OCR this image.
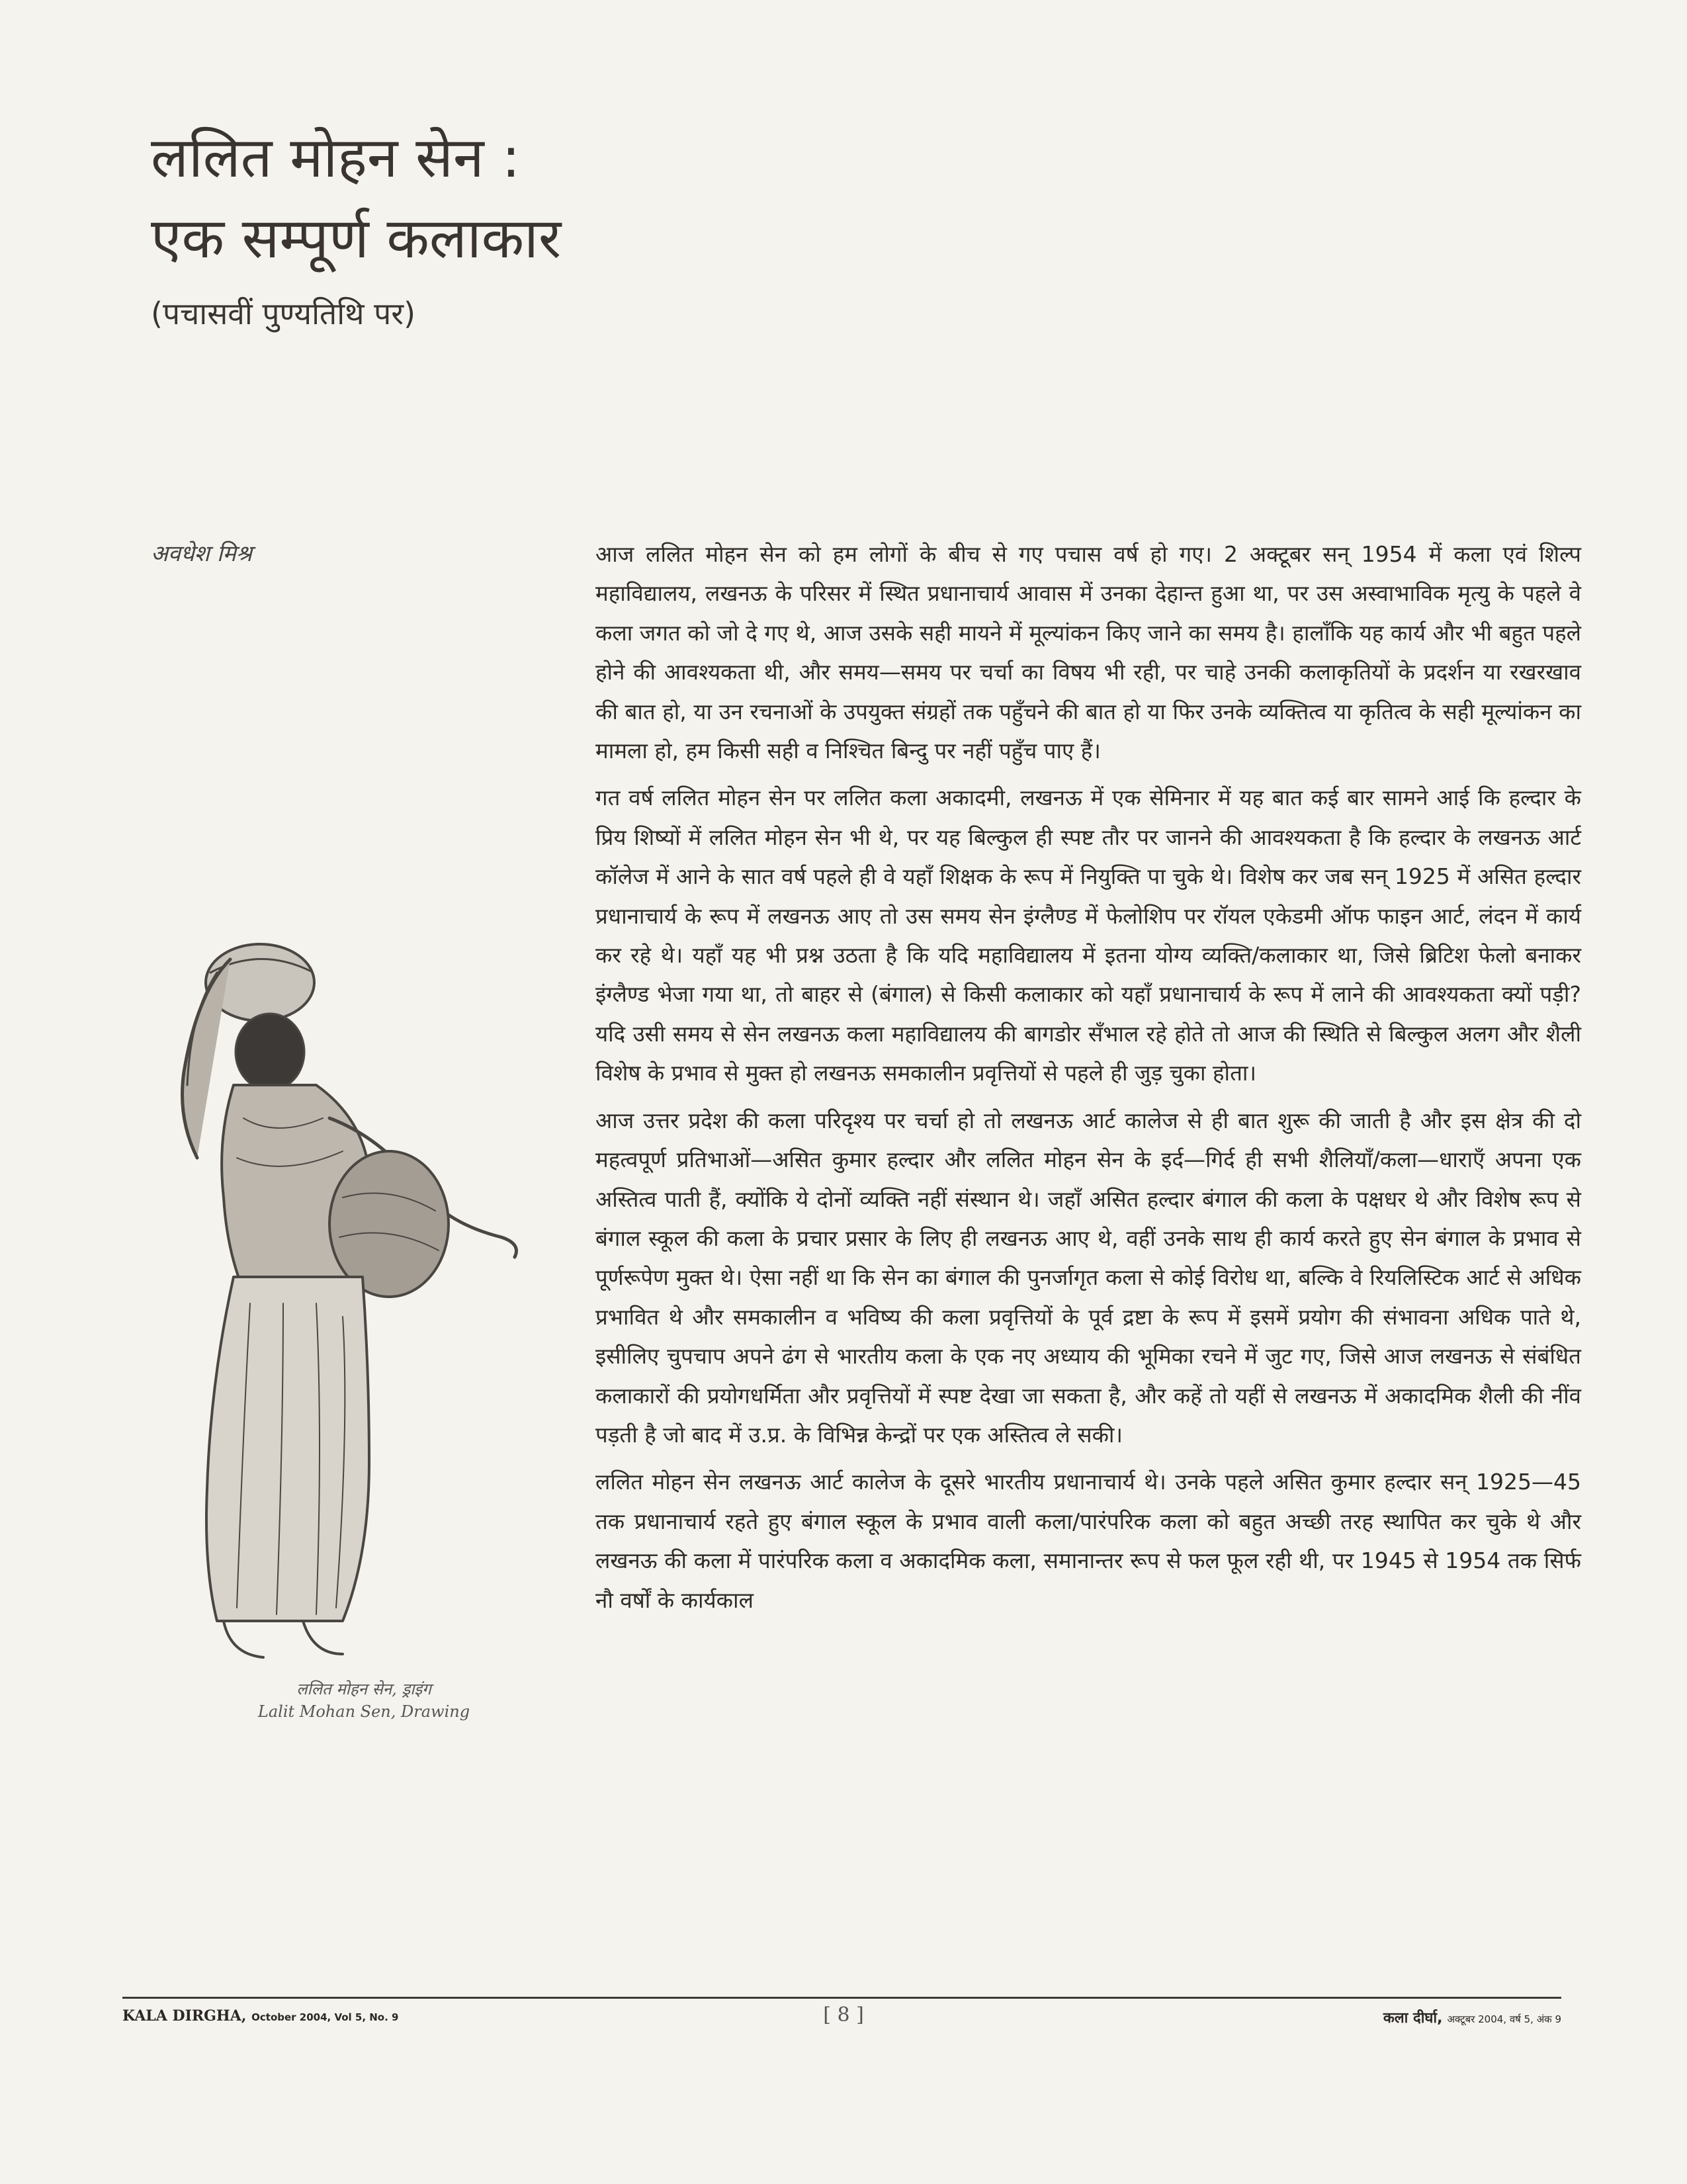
ललित मोहन सेन :
एक सम्पूर्ण कलाकार
(पचासवीं पुण्यतिथि पर)
अवधेश मिश्र	आज ललित मोहन सेन को हम लोगों के बीच से गए पचास वर्ष हो गए। 2 अक्टूबर सन् 1954 में कला एवं शिल्प महाविद्यालय, लखनऊ के परिसर में स्थित प्रधानाचार्य आवास में उनका देहान्त हुआ था, पर उस अस्वाभाविक मृत्यु के पहले वे कला जगत को जो दे गए थे, आज उसके सही मायने में मूल्यांकन किए जाने का समय है। हालाँकि यह कार्य और भी बहुत पहले होने की आवश्यकता थी, और समय—समय पर चर्चा का विषय भी रही, पर चाहे उनकी कलाकृतियों के प्रदर्शन या रखरखाव की बात हो, या उन रचनाओं के उपयुक्त संग्रहों तक पहुँचने की बात हो या फिर उनके व्यक्तित्व या कृतित्व के सही मूल्यांकन का मामला हो, हम किसी सही व निश्चित बिन्दु पर नहीं पहुँच पाए हैं।

गत वर्ष ललित मोहन सेन पर ललित कला अकादमी, लखनऊ में एक सेमिनार में यह बात कई बार सामने आई कि हल्दार के प्रिय शिष्यों में ललित मोहन सेन भी थे, पर यह बिल्कुल ही स्पष्ट तौर पर जानने की आवश्यकता है कि हल्दार के लखनऊ आर्ट कॉलेज में आने के सात वर्ष पहले ही वे यहाँ शिक्षक के रूप में नियुक्ति पा चुके थे। विशेष कर जब सन् 1925 में असित हल्दार प्रधानाचार्य के रूप में लखनऊ आए तो उस समय सेन इंग्लैण्ड में फेलोशिप पर रॉयल एकेडमी ऑफ फाइन आर्ट, लंदन में कार्य कर रहे थे। यहाँ यह भी प्रश्न उठता है कि यदि महाविद्यालय में इतना योग्य व्यक्ति/कलाकार था, जिसे ब्रिटिश फेलो बनाकर इंग्लैण्ड भेजा गया था, तो बाहर से (बंगाल) से किसी कलाकार को यहाँ प्रधानाचार्य के रूप में लाने की आवश्यकता क्यों पड़ी? यदि उसी समय से सेन लखनऊ कला महाविद्यालय की बागडोर सँभाल रहे होते तो आज की स्थिति से बिल्कुल अलग और शैली विशेष के प्रभाव से मुक्त हो लखनऊ समकालीन प्रवृत्तियों से पहले ही जुड़ चुका होता।

आज उत्तर प्रदेश की कला परिदृश्य पर चर्चा हो तो लखनऊ आर्ट कालेज से ही बात शुरू की जाती है और इस क्षेत्र की दो महत्वपूर्ण प्रतिभाओं—असित कुमार हल्दार और ललित मोहन सेन के इर्द—गिर्द ही सभी शैलियाँ/कला—धाराएँ अपना एक अस्तित्व पाती हैं, क्योंकि ये दोनों व्यक्ति नहीं संस्थान थे। जहाँ असित हल्दार बंगाल की कला के पक्षधर थे और विशेष रूप से बंगाल स्कूल की कला के प्रचार प्रसार के लिए ही लखनऊ आए थे, वहीं उनके साथ ही कार्य करते हुए सेन बंगाल के प्रभाव से पूर्णरूपेण मुक्त थे। ऐसा नहीं था कि सेन का बंगाल की पुनर्जागृत कला से कोई विरोध था, बल्कि वे रियलिस्टिक आर्ट से अधिक प्रभावित थे और समकालीन व भविष्य की कला प्रवृत्तियों के पूर्व द्रष्टा के रूप में इसमें प्रयोग की संभावना अधिक पाते थे, इसीलिए चुपचाप अपने ढंग से भारतीय कला के एक नए अध्याय की भूमिका रचने में जुट गए, जिसे आज लखनऊ से संबंधित कलाकारों की प्रयोगधर्मिता और प्रवृत्तियों में स्पष्ट देखा जा सकता है, और कहें तो यहीं से लखनऊ में अकादमिक शैली की नींव पड़ती है जो बाद में उ.प्र. के विभिन्न केन्द्रों पर एक अस्तित्व ले सकी।

ललित मोहन सेन लखनऊ आर्ट कालेज के दूसरे भारतीय प्रधानाचार्य थे। उनके पहले असित कुमार हल्दार सन् 1925—45 तक प्रधानाचार्य रहते हुए बंगाल स्कूल के प्रभाव वाली कला/पारंपरिक कला को बहुत अच्छी तरह स्थापित कर चुके थे और लखनऊ की कला में पारंपरिक कला व अकादमिक कला, समानान्तर रूप से फल फूल रही थी, पर 1945 से 1954 तक सिर्फ नौ वर्षों के कार्यकाल

ललित मोहन सेन, ड्राइंग
Lalit Mohan Sen, Drawing
KALA DIRGHA, October 2004, Vol 5, No. 9	[ 8 ]	कला दीर्घा, अक्टूबर 2004, वर्ष 5, अंक 9
